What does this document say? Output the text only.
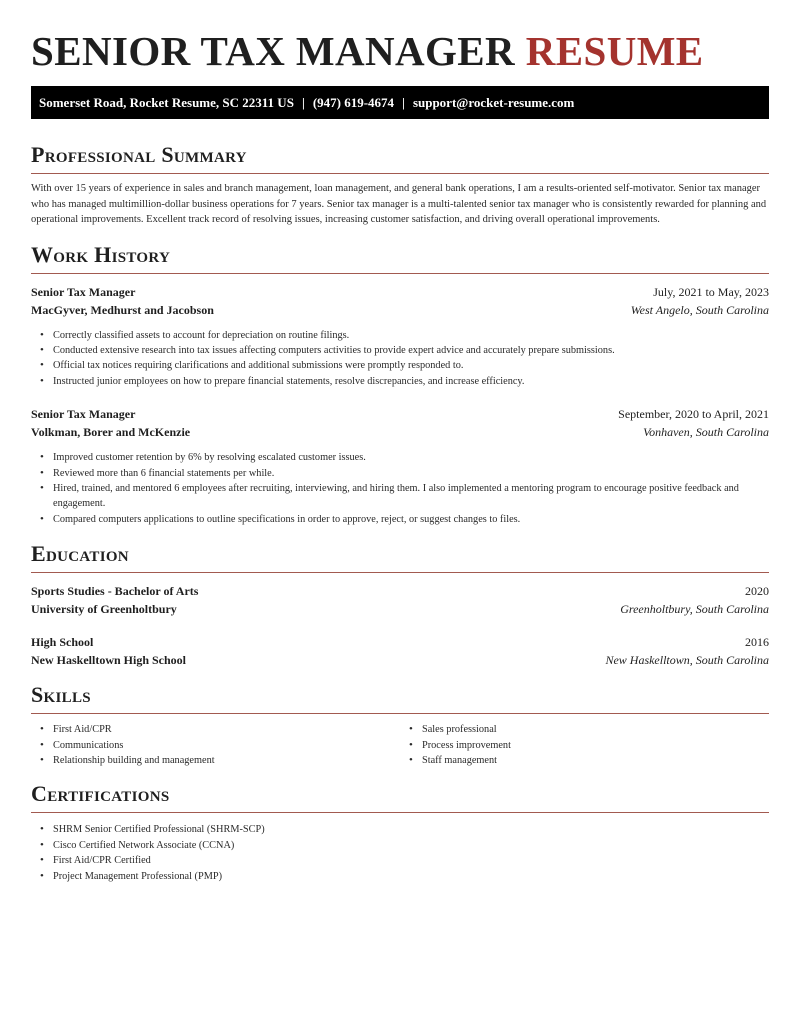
SENIOR TAX MANAGER RESUME
Somerset Road, Rocket Resume, SC 22311 US | (947) 619-4674 | support@rocket-resume.com
Professional Summary

With over 15 years of experience in sales and branch management, loan management, and general bank operations, I am a results-oriented self-motivator. Senior tax manager who has managed multimillion-dollar business operations for 7 years. Senior tax manager is a multi-talented senior tax manager who is consistently rewarded for planning and operational improvements. Excellent track record of resolving issues, increasing customer satisfaction, and driving overall operational improvements.

Work History
Senior Tax Manager	July, 2021 to May, 2023
MacGyver, Medhurst and Jacobson	West Angelo, South Carolina
• Correctly classified assets to account for depreciation on routine filings.
• Conducted extensive research into tax issues affecting computers activities to provide expert advice and accurately prepare submissions.
• Official tax notices requiring clarifications and additional submissions were promptly responded to.
• Instructed junior employees on how to prepare financial statements, resolve discrepancies, and increase efficiency.
Senior Tax Manager	September, 2020 to April, 2021
Volkman, Borer and McKenzie	Vonhaven, South Carolina
• Improved customer retention by 6% by resolving escalated customer issues.
• Reviewed more than 6 financial statements per while.
• Hired, trained, and mentored 6 employees after recruiting, interviewing, and hiring them. I also implemented a mentoring program to encourage positive feedback and engagement.
• Compared computers applications to outline specifications in order to approve, reject, or suggest changes to files.
Education
Sports Studies - Bachelor of Arts	2020
University of Greenholtbury	Greenholtbury, South Carolina
High School	2016
New Haskelltown High School	New Haskelltown, South Carolina
Skills
• First Aid/CPR
• Communications
• Relationship building and management
• Sales professional
• Process improvement
• Staff management
Certifications
• SHRM Senior Certified Professional (SHRM-SCP)
• Cisco Certified Network Associate (CCNA)
• First Aid/CPR Certified
• Project Management Professional (PMP)
